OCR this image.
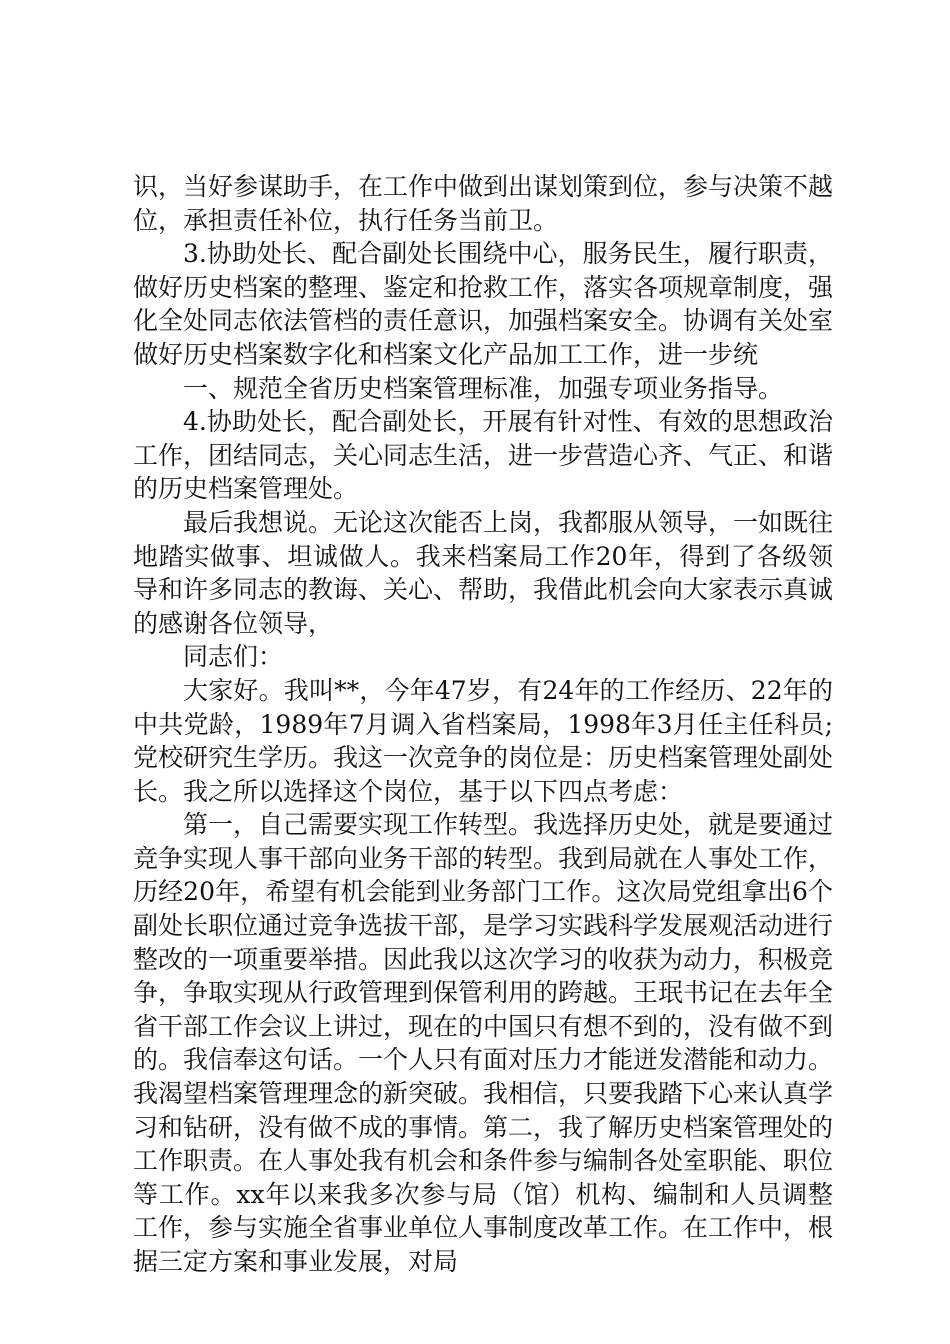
识，当好参谋助手，在工作中做到出谋划策到位，参与决策不越位，承担责任补位，执行任务当前卫。

3.协助处长、配合副处长围绕中心，服务民生，履行职责，做好历史档案的整理、鉴定和抢救工作，落实各项规章制度，强化全处同志依法管档的责任意识，加强档案安全。协调有关处室做好历史档案数字化和档案文化产品加工工作，进一步统

一、规范全省历史档案管理标准，加强专项业务指导。

4.协助处长，配合副处长，开展有针对性、有效的思想政治工作，团结同志，关心同志生活，进一步营造心齐、气正、和谐的历史档案管理处。

最后我想说。无论这次能否上岗，我都服从领导，一如既往地踏实做事、坦诚做人。我来档案局工作20年，得到了各级领导和许多同志的教诲、关心、帮助，我借此机会向大家表示真诚的感谢各位领导，

同志们：

大家好。我叫**，今年47岁，有24年的工作经历、22年的中共党龄，1989年7月调入省档案局，1998年3月任主任科员;党校研究生学历。我这一次竞争的岗位是：历史档案管理处副处长。我之所以选择这个岗位，基于以下四点考虑：

第一，自己需要实现工作转型。我选择历史处，就是要通过竞争实现人事干部向业务干部的转型。我到局就在人事处工作，历经20年，希望有机会能到业务部门工作。这次局党组拿出6个副处长职位通过竞争选拔干部，是学习实践科学发展观活动进行整改的一项重要举措。因此我以这次学习的收获为动力，积极竞争，争取实现从行政管理到保管利用的跨越。王珉书记在去年全省干部工作会议上讲过，现在的中国只有想不到的，没有做不到的。我信奉这句话。一个人只有面对压力才能迸发潜能和动力。我渴望档案管理理念的新突破。我相信，只要我踏下心来认真学习和钻研，没有做不成的事情。第二，我了解历史档案管理处的工作职责。在人事处我有机会和条件参与编制各处室职能、职位等工作。xx年以来我多次参与局（馆）机构、编制和人员调整工作，参与实施全省事业单位人事制度改革工作。在工作中，根据三定方案和事业发展，对局
